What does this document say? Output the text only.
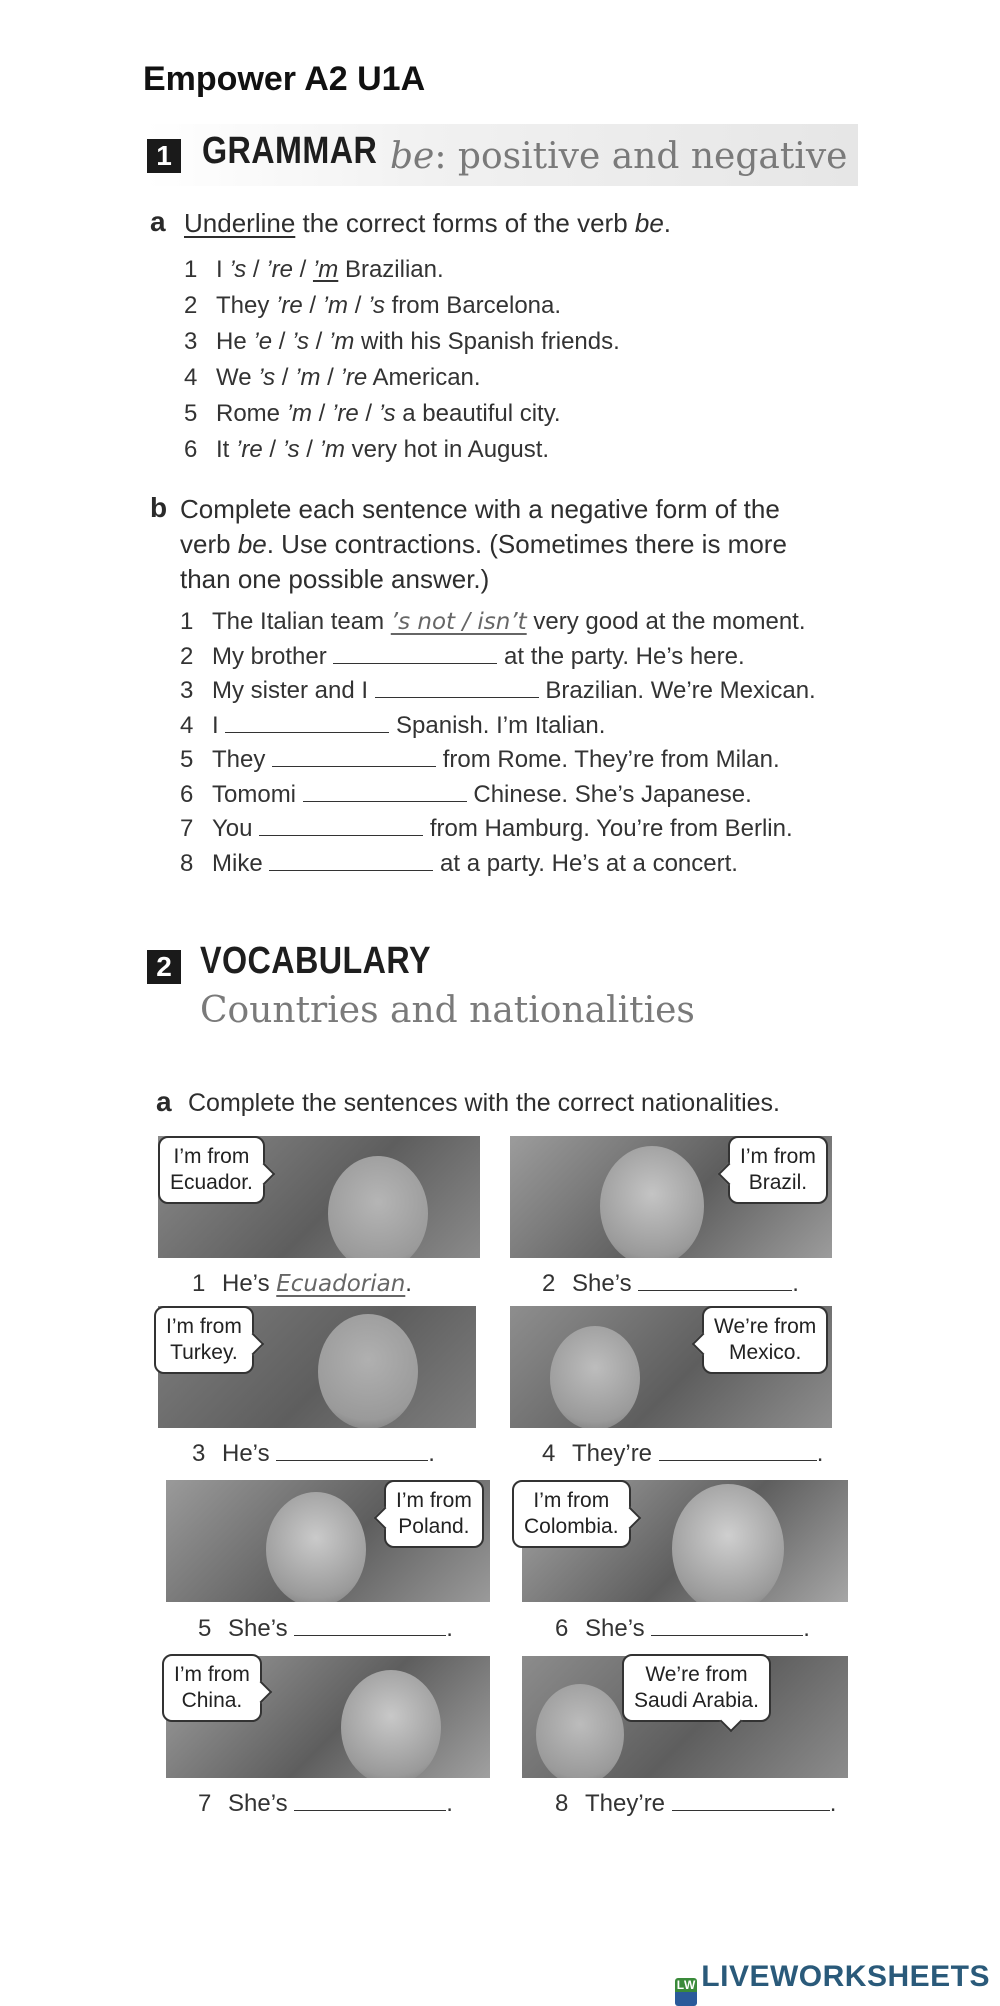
Empower A2 U1A
1 GRAMMAR be: positive and negative
a Underline the correct forms of the verb be.
1 I ’s / ’re / ’m Brazilian.
2 They ’re / ’m / ’s from Barcelona.
3 He ’e / ’s / ’m with his Spanish friends.
4 We ’s / ’m / ’re American.
5 Rome ’m / ’re / ’s a beautiful city.
6 It ’re / ’s / ’m very hot in August.
b Complete each sentence with a negative form of the
verb be. Use contractions. (Sometimes there is more
than one possible answer.)
1 The Italian team ’s not / isn’t very good at the moment.
2 My brother	at the party. He’s here.
3 My sister and I	Brazilian. We’re Mexican.
4 I	Spanish. I’m Italian.
5 They	from Rome. They’re from Milan.
6 Tomomi	Chinese. She’s Japanese.
7 You	from Hamburg. You’re from Berlin.
8 Mike	at a party. He’s at a concert.
2 VOCABULARY
Countries and nationalities
a Complete the sentences with the correct nationalities.
I’m from
Ecuador.
1 He’s Ecuadorian.
I’m from
Brazil.
2 She’s	.
I’m from
Turkey.
3 He’s	.
We’re from
Mexico.
4 They’re	.
I’m from
Poland.
5 She’s	.
I’m from
Colombia.
6 She’s	.
I’m from
China.
7 She’s	.
We’re from
Saudi Arabia.
8 They’re	.
LW LIVEWORKSHEETS
